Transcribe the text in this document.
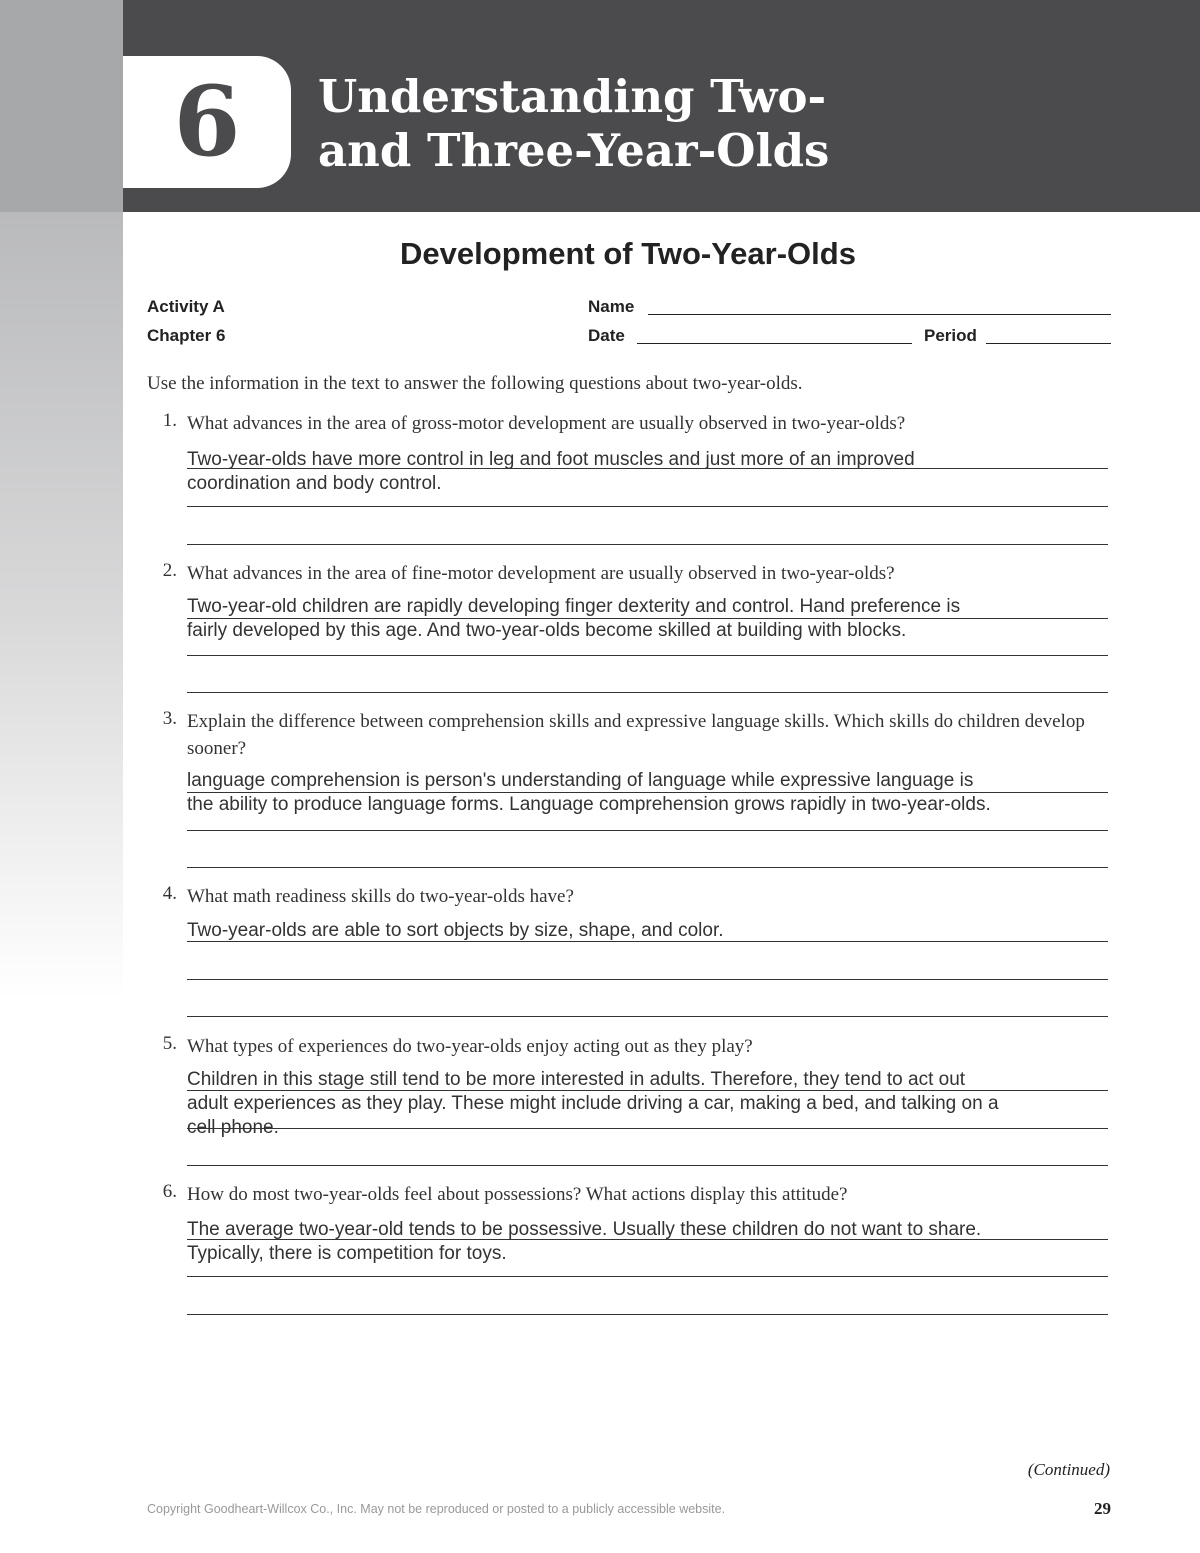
6	Understanding Two-
and Three-Year-Olds
Development of Two-Year-Olds
Activity A
Chapter 6
Name
Date	Period
Use the information in the text to answer the following questions about two-year-olds.
1. What advances in the area of gross-motor development are usually observed in two-year-olds?
Two-year-olds have more control in leg and foot muscles and just more of an improved
coordination and body control.
2. What advances in the area of fine-motor development are usually observed in two-year-olds?
Two-year-old children are rapidly developing finger dexterity and control. Hand preference is
fairly developed by this age. And two-year-olds become skilled at building with blocks.
3. Explain the difference between comprehension skills and expressive language skills. Which skills do children develop sooner?
language comprehension is person's understanding of language while expressive language is
the ability to produce language forms. Language comprehension grows rapidly in two-year-olds.
4. What math readiness skills do two-year-olds have?
Two-year-olds are able to sort objects by size, shape, and color.
5. What types of experiences do two-year-olds enjoy acting out as they play?
Children in this stage still tend to be more interested in adults. Therefore, they tend to act out
adult experiences as they play. These might include driving a car, making a bed, and talking on a
cell phone.
6. How do most two-year-olds feel about possessions? What actions display this attitude?
The average two-year-old tends to be possessive. Usually these children do not want to share.
Typically, there is competition for toys.
(Continued)
Copyright Goodheart-Willcox Co., Inc. May not be reproduced or posted to a publicly accessible website.	29
